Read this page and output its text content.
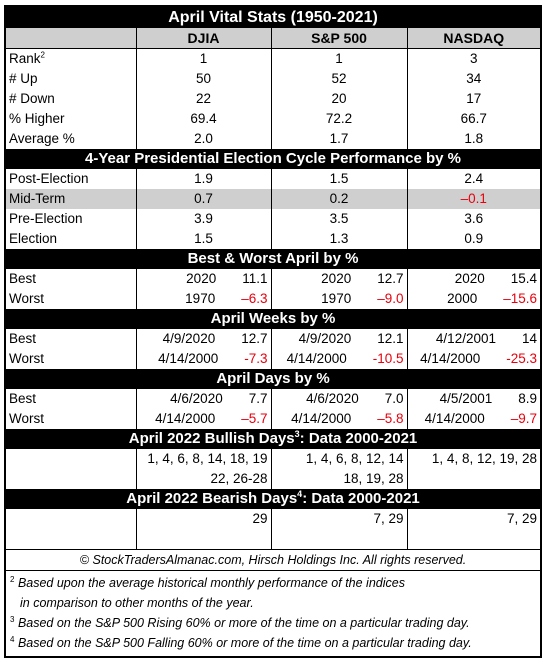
April Vital Stats (1950-2021)			
	DJIA	S&P 500	NASDAQ
Rank$^2$	1	1	3
# Up	50	52	34
# Down	22	20	17
% Higher	69.4	72.2	66.7
Average %	2.0	1.7	1.8
4-Year Presidential Election Cycle Performance by %			
Post-Election	1.9	1.5	2.4
Mid-Term	0.7	0.2	–0.1
Pre-Election	3.9	3.5	3.6
Election	1.5	1.3	0.9
Best & Worst April by %			
Best	2020 11.1	2020 12.7	2020 15.4

Worst	1970 –6.3	1970 –9.0	2000 –15.6

April Weeks by %			
Best	4/9/2020 12.7	4/9/2020 12.1	4/12/2001 14

Worst	4/14/2000 -7.3	4/14/2000 -10.5	4/14/2000 -25.3

April Days by %			
Best	4/6/2020 7.7	4/6/2020 7.0	4/5/2001 8.9

Worst	4/14/2000 –5.7	4/14/2000 –5.8	4/14/2000 –9.7

April 2022 Bullish Days$^3$: Data 2000-2021			
	1, 4, 6, 8, 14, 18, 19	1, 4, 6, 8, 12, 14	1, 4, 8, 12, 19, 28
	22, 26-28	18, 19, 28	
April 2022 Bearish Days$^4$: Data 2000-2021			
	29	7, 29	7, 29

© StockTradersAlmanac.com, Hirsch Holdings Inc. All rights reserved.			
$^2$ Based upon the average historical monthly performance of the indices
in comparison to other months of the year.
$^3$ Based on the S&P 500 Rising 60% or more of the time on a particular trading day.
$^4$ Based on the S&P 500 Falling 60% or more of the time on a particular trading day.
